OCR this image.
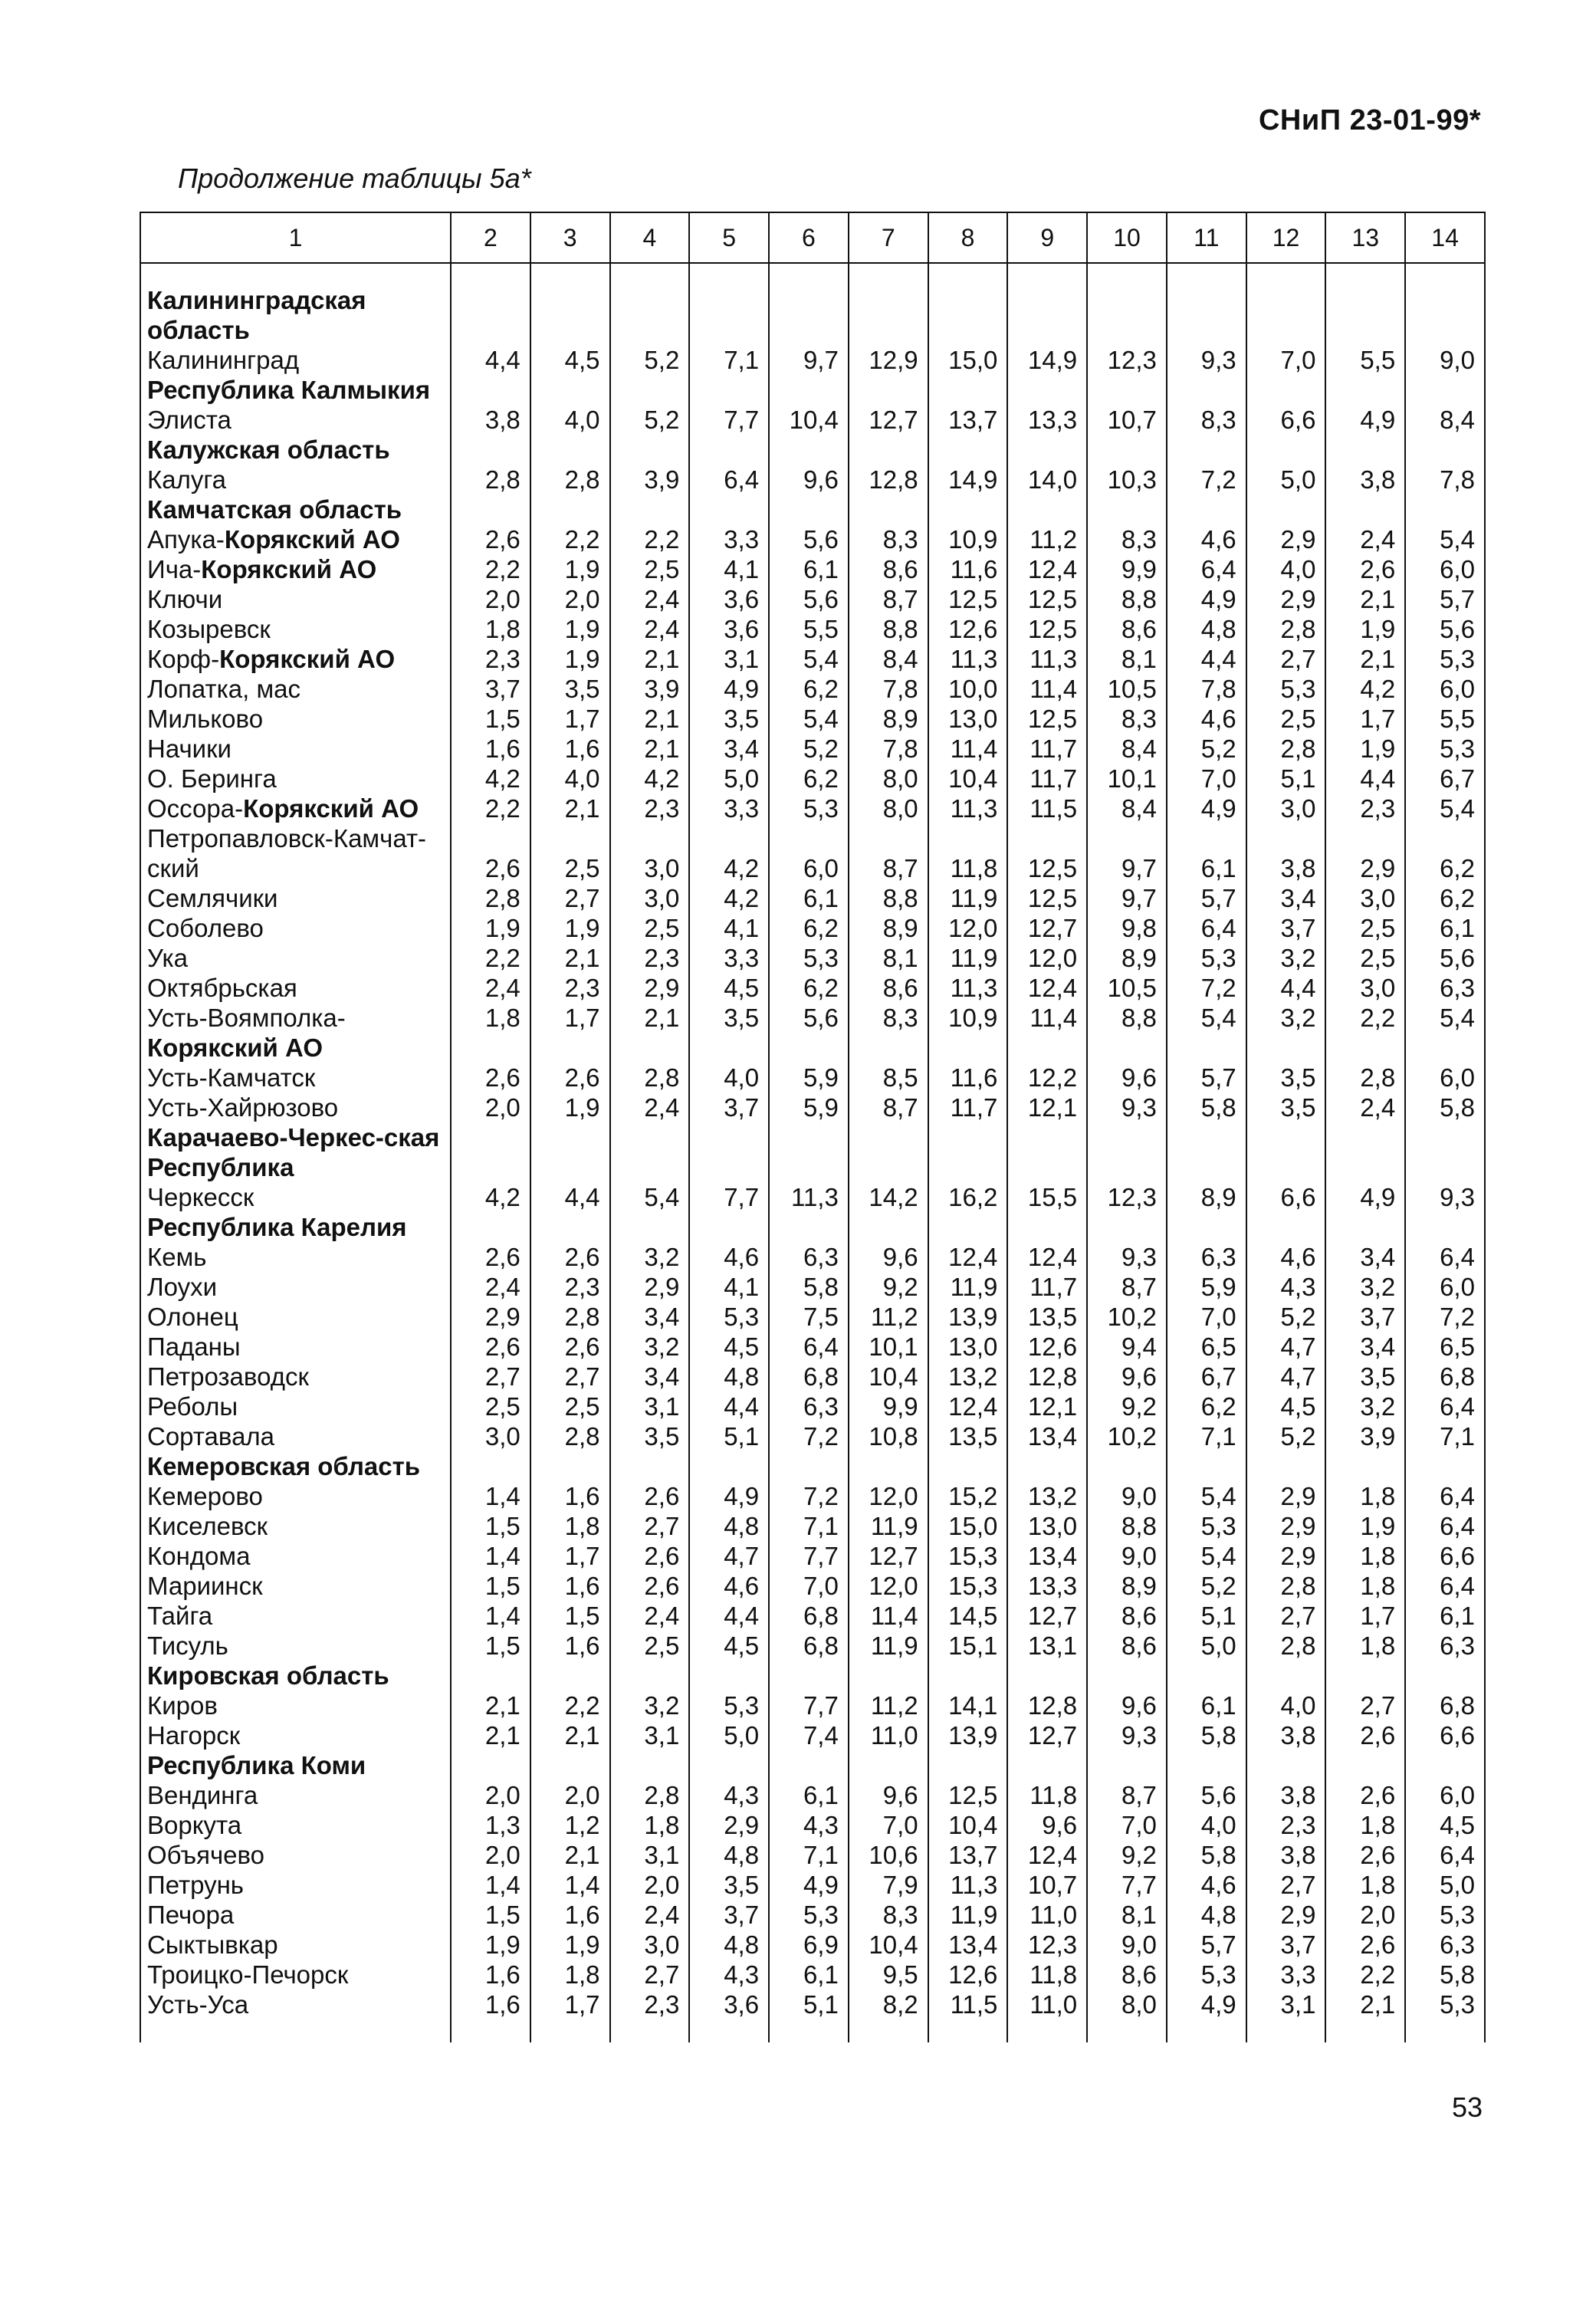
СНиП 23-01-99*
Продолжение таблицы 5а*
1	2	3	4	5	6	7	8	9	10	11	12	13	14

Калининградская область													
Калининград	4,4	4,5	5,2	7,1	9,7	12,9	15,0	14,9	12,3	9,3	7,0	5,5	9,0
Республика Калмыкия													
Элиста	3,8	4,0	5,2	7,7	10,4	12,7	13,7	13,3	10,7	8,3	6,6	4,9	8,4
Калужская область													
Калуга	2,8	2,8	3,9	6,4	9,6	12,8	14,9	14,0	10,3	7,2	5,0	3,8	7,8
Камчатская область													
Апука-Корякский АО	2,6	2,2	2,2	3,3	5,6	8,3	10,9	11,2	8,3	4,6	2,9	2,4	5,4
Ича-Корякский АО	2,2	1,9	2,5	4,1	6,1	8,6	11,6	12,4	9,9	6,4	4,0	2,6	6,0
Ключи	2,0	2,0	2,4	3,6	5,6	8,7	12,5	12,5	8,8	4,9	2,9	2,1	5,7
Козыревск	1,8	1,9	2,4	3,6	5,5	8,8	12,6	12,5	8,6	4,8	2,8	1,9	5,6
Корф-Корякский АО	2,3	1,9	2,1	3,1	5,4	8,4	11,3	11,3	8,1	4,4	2,7	2,1	5,3
Лопатка, мас	3,7	3,5	3,9	4,9	6,2	7,8	10,0	11,4	10,5	7,8	5,3	4,2	6,0
Мильково	1,5	1,7	2,1	3,5	5,4	8,9	13,0	12,5	8,3	4,6	2,5	1,7	5,5
Начики	1,6	1,6	2,1	3,4	5,2	7,8	11,4	11,7	8,4	5,2	2,8	1,9	5,3
О. Беринга	4,2	4,0	4,2	5,0	6,2	8,0	10,4	11,7	10,1	7,0	5,1	4,4	6,7
Оссора-Корякский АО	2,2	2,1	2,3	3,3	5,3	8,0	11,3	11,5	8,4	4,9	3,0	2,3	5,4
Петропавловск-Камчат-
ский	2,6	2,5	3,0	4,2	6,0	8,7	11,8	12,5	9,7	6,1	3,8	2,9	6,2
Семлячики	2,8	2,7	3,0	4,2	6,1	8,8	11,9	12,5	9,7	5,7	3,4	3,0	6,2
Соболево	1,9	1,9	2,5	4,1	6,2	8,9	12,0	12,7	9,8	6,4	3,7	2,5	6,1
Ука	2,2	2,1	2,3	3,3	5,3	8,1	11,9	12,0	8,9	5,3	3,2	2,5	5,6
Октябрьская	2,4	2,3	2,9	4,5	6,2	8,6	11,3	12,4	10,5	7,2	4,4	3,0	6,3
Усть-Воямполка-	1,8	1,7	2,1	3,5	5,6	8,3	10,9	11,4	8,8	5,4	3,2	2,2	5,4
Корякский АО													
Усть-Камчатск	2,6	2,6	2,8	4,0	5,9	8,5	11,6	12,2	9,6	5,7	3,5	2,8	6,0
Усть-Хайрюзово	2,0	1,9	2,4	3,7	5,9	8,7	11,7	12,1	9,3	5,8	3,5	2,4	5,8
Карачаево-Черкес-ская Республика													
Черкесск	4,2	4,4	5,4	7,7	11,3	14,2	16,2	15,5	12,3	8,9	6,6	4,9	9,3
Республика Карелия													
Кемь	2,6	2,6	3,2	4,6	6,3	9,6	12,4	12,4	9,3	6,3	4,6	3,4	6,4
Лоухи	2,4	2,3	2,9	4,1	5,8	9,2	11,9	11,7	8,7	5,9	4,3	3,2	6,0
Олонец	2,9	2,8	3,4	5,3	7,5	11,2	13,9	13,5	10,2	7,0	5,2	3,7	7,2
Паданы	2,6	2,6	3,2	4,5	6,4	10,1	13,0	12,6	9,4	6,5	4,7	3,4	6,5
Петрозаводск	2,7	2,7	3,4	4,8	6,8	10,4	13,2	12,8	9,6	6,7	4,7	3,5	6,8
Реболы	2,5	2,5	3,1	4,4	6,3	9,9	12,4	12,1	9,2	6,2	4,5	3,2	6,4
Сортавала	3,0	2,8	3,5	5,1	7,2	10,8	13,5	13,4	10,2	7,1	5,2	3,9	7,1
Кемеровская область													
Кемерово	1,4	1,6	2,6	4,9	7,2	12,0	15,2	13,2	9,0	5,4	2,9	1,8	6,4
Киселевск	1,5	1,8	2,7	4,8	7,1	11,9	15,0	13,0	8,8	5,3	2,9	1,9	6,4
Кондома	1,4	1,7	2,6	4,7	7,7	12,7	15,3	13,4	9,0	5,4	2,9	1,8	6,6
Мариинск	1,5	1,6	2,6	4,6	7,0	12,0	15,3	13,3	8,9	5,2	2,8	1,8	6,4
Тайга	1,4	1,5	2,4	4,4	6,8	11,4	14,5	12,7	8,6	5,1	2,7	1,7	6,1
Тисуль	1,5	1,6	2,5	4,5	6,8	11,9	15,1	13,1	8,6	5,0	2,8	1,8	6,3
Кировская область													
Киров	2,1	2,2	3,2	5,3	7,7	11,2	14,1	12,8	9,6	6,1	4,0	2,7	6,8
Нагорск	2,1	2,1	3,1	5,0	7,4	11,0	13,9	12,7	9,3	5,8	3,8	2,6	6,6
Республика Коми													
Вендинга	2,0	2,0	2,8	4,3	6,1	9,6	12,5	11,8	8,7	5,6	3,8	2,6	6,0
Воркута	1,3	1,2	1,8	2,9	4,3	7,0	10,4	9,6	7,0	4,0	2,3	1,8	4,5
Объячево	2,0	2,1	3,1	4,8	7,1	10,6	13,7	12,4	9,2	5,8	3,8	2,6	6,4
Петрунь	1,4	1,4	2,0	3,5	4,9	7,9	11,3	10,7	7,7	4,6	2,7	1,8	5,0
Печора	1,5	1,6	2,4	3,7	5,3	8,3	11,9	11,0	8,1	4,8	2,9	2,0	5,3
Сыктывкар	1,9	1,9	3,0	4,8	6,9	10,4	13,4	12,3	9,0	5,7	3,7	2,6	6,3
Троицко-Печорск	1,6	1,8	2,7	4,3	6,1	9,5	12,6	11,8	8,6	5,3	3,3	2,2	5,8
Усть-Уса	1,6	1,7	2,3	3,6	5,1	8,2	11,5	11,0	8,0	4,9	3,1	2,1	5,3

53
